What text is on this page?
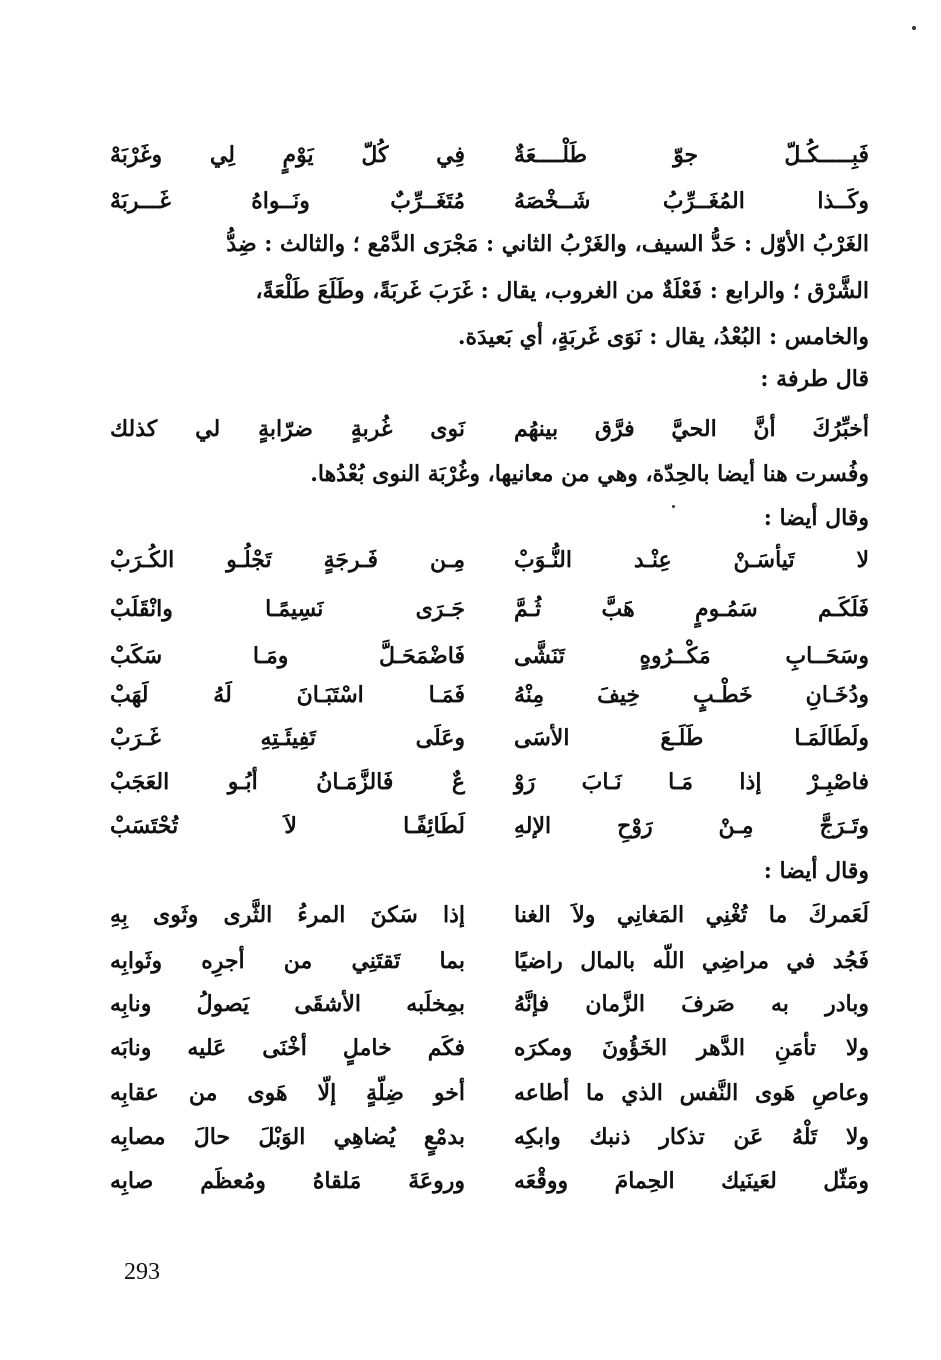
فَبِـــــكُـلّ جوّ طَلْــــعَةٌ
فِي كُلّ يَوْمٍ لِي وغَرْبَهْ
وكَــذا المُغَــرِّبُ شَــخْصَهُ
مُتَغَــرِّبٌ ونَــواهُ غَـــربَهْ
الغَرْبُ الأوّل : حَدُّ السيف، والغَرْبُ الثاني : مَجْرَى الدَّمْع ؛ والثالث : ضِدُّ
الشَّرْق ؛ والرابع : فَعْلَةٌ من الغروب، يقال : غَرَبَ غَربَةً، وطَلَعَ طَلْعَةً،
والخامس : البُعْدُ، يقال : نَوَى غَربَةٍ، أي بَعيدَة.
قال طرفة :
أخبِّرُكَ أنَّ الحيَّ فرَّق بينهُم
نَوى غُربةٍ ضرّابةٍ لي كذلك
وفُسرت هنا أيضا بالحِدّة، وهي من معانيها، وغُرْبَة النوى بُعْدُها.
وقال أيضا :
لا تَيأسَـنْ عِنْـد النُّـوَبْ
مِـن فَـرجَةٍ تَجْلُـو الكُـرَبْ
فَلَكَـم سَمُـومٍ هَبَّ ثُـمَّ
جَـرَى نَسِيمًـا وانْقَلَبْ
وسَحَــابِ مَكْــرُوهٍ تَنَشَّى
فَاضْمَحَـلَّ ومَـا سَكَبْ
ودُخَـانِ خَطْـبٍ خِيفَ مِنْهُ
فَمَـا اسْتَبَـانَ لَهُ لَهَبْ
ولَطَالَمَـا طَلَـعَ الأسَى
وعَلَى تَفِيئَـتِهِ غَـرَبْ
فاصْبِـرْ إذا مَـا نَـابَ رَوْ
عٌ فَالزَّمَـانُ أبُـو العَجَبْ
وتَـرَجَّ مِـنْ رَوْحِ الإلهِ
لَطَائِفًـا لاَ تُحْتَسَبْ
وقال أيضا :
لَعَمركَ ما تُغْنِي المَغانِي ولاَ الغنا
إذا سَكنَ المرءُ الثَّرى وثَوى بِهِ
فَجُد في مراضِي اللّه بالمال راضيًا
بما تَقتَنِي من أجرِه وثَوابِه
وبادر به صَرفَ الزَّمان فإنَّهُ
بمِخلَبه الأشقَى يَصولُ ونابِه
ولا تأمَنِ الدَّهر الخَؤُونَ ومكرَه
فكَم خاملٍ أخْنَى عَليه ونابَه
وعاصِ هَوى النَّفس الذي ما أطاعه
أخو ضِلّةٍ إلّا هَوى من عقابِه
ولا تَلْهُ عَن تذكار ذنبك وابكِه
بدمْعٍ يُضاهِي الوَبْلَ حالَ مصابِه
ومَثّل لعَينَيك الحِمامَ ووقْعَه
وروعَةَ مَلقاهُ ومُعظَم صابِه
293
